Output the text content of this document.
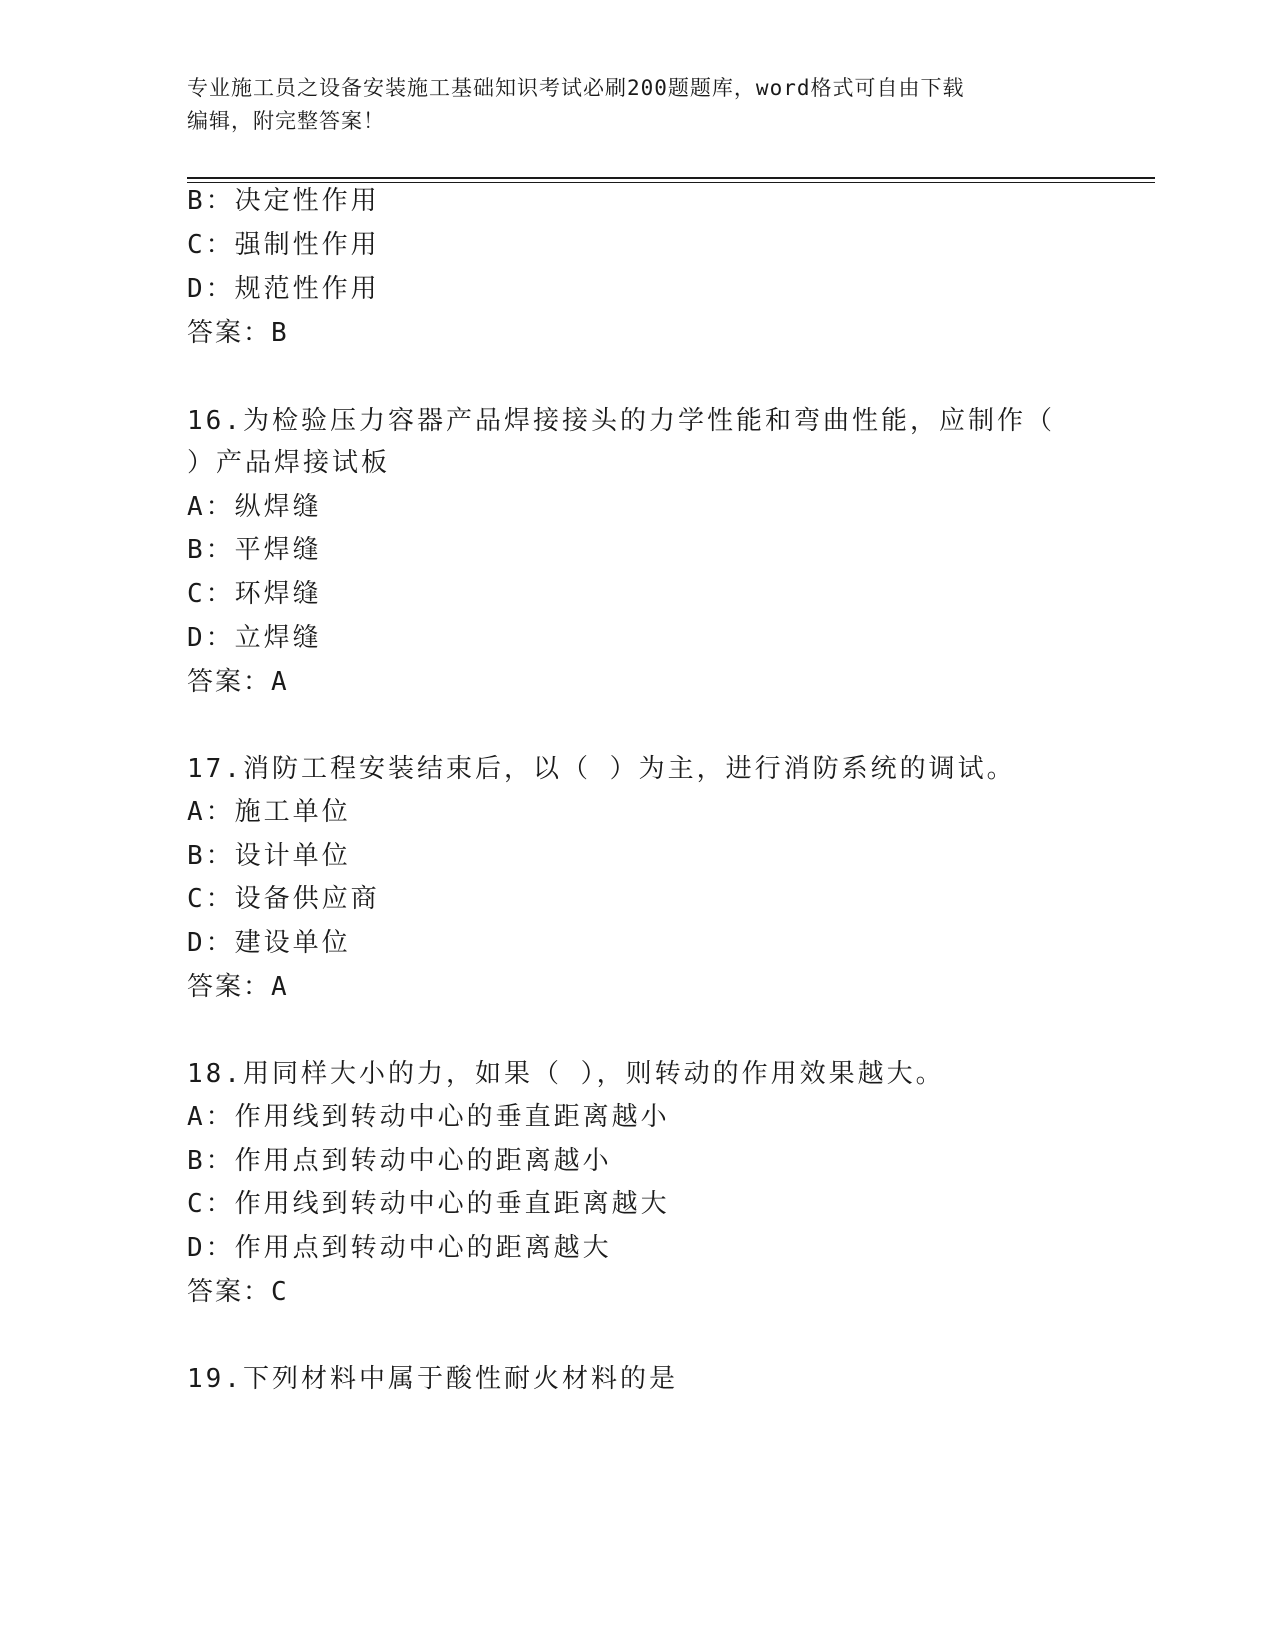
专业施工员之设备安装施工基础知识考试必刷200题题库，word格式可自由下载
编辑，附完整答案！
B：决定性作用
C：强制性作用
D：规范性作用
答案：B
16.为检验压力容器产品焊接接头的力学性能和弯曲性能，应制作（
）产品焊接试板
A：纵焊缝
B：平焊缝
C：环焊缝
D：立焊缝
答案：A
17.消防工程安装结束后，以（ ）为主，进行消防系统的调试。
A：施工单位
B：设计单位
C：设备供应商
D：建设单位
答案：A
18.用同样大小的力，如果（ ），则转动的作用效果越大。
A：作用线到转动中心的垂直距离越小
B：作用点到转动中心的距离越小
C：作用线到转动中心的垂直距离越大
D：作用点到转动中心的距离越大
答案：C
19.下列材料中属于酸性耐火材料的是
